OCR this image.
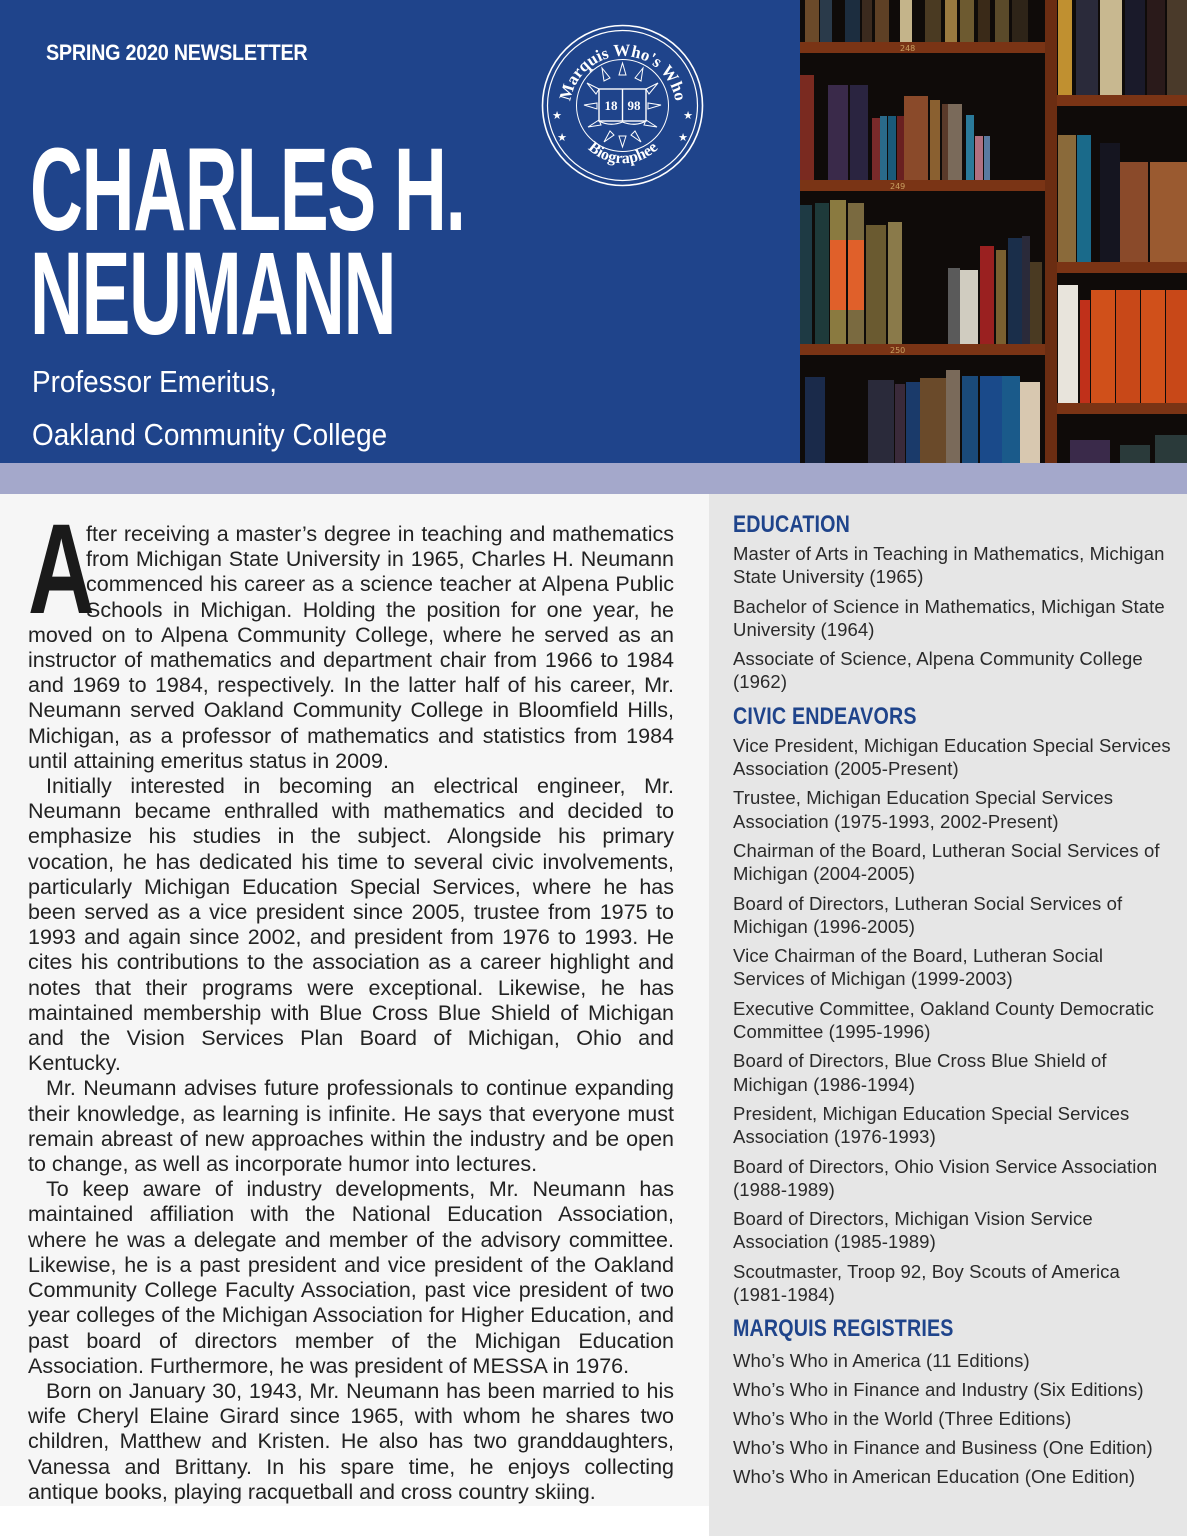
SPRING 2020 NEWSLETTER
CHARLES H.
NEUMANN
Professor Emeritus,
Oakland Community College
Marquis Who's Who
Biographee
18 98
★	★
★	★
248
249
250

A
fter receiving a master’s degree in teaching and mathematics from Michigan State University in 1965, Charles H. Neumann commenced his career as a science teacher at Alpena Public Schools in Michigan. Holding the position for one year, he moved on to Alpena Community College, where he served as an instructor of mathematics and department chair from 1966 to 1984 and 1969 to 1984, respectively. In the latter half of his career, Mr. Neumann served Oakland Community College in Bloomfield Hills, Michigan, as a professor of mathematics and statistics from 1984 until attaining emeritus status in 2009.

Initially interested in becoming an electrical engineer, Mr. Neumann became enthralled with mathematics and decided to emphasize his studies in the subject. Alongside his primary vocation, he has dedicated his time to several civic involvements, particularly Michigan Education Special Services, where he has been served as a vice president since 2005, trustee from 1975 to 1993 and again since 2002, and president from 1976 to 1993. He cites his contributions to the association as a career highlight and notes that their programs were exceptional. Likewise, he has maintained membership with Blue Cross Blue Shield of Michigan and the Vision Services Plan Board of Michigan, Ohio and Kentucky.

Mr. Neumann advises future professionals to continue expanding their knowledge, as learning is infinite. He says that everyone must remain abreast of new approaches within the industry and be open to change, as well as incorporate humor into lectures.

To keep aware of industry developments, Mr. Neumann has maintained affiliation with the National Education Association, where he was a delegate and member of the advisory committee. Likewise, he is a past president and vice president of the Oakland Community College Faculty Association, past vice president of two year colleges of the Michigan Association for Higher Education, and past board of directors member of the Michigan Education Association. Furthermore, he was president of MESSA in 1976.

Born on January 30, 1943, Mr. Neumann has been married to his wife Cheryl Elaine Girard since 1965, with whom he shares two children, Matthew and Kristen. He also has two granddaughters, Vanessa and Brittany. In his spare time, he enjoys collecting antique books, playing racquetball and cross country skiing.

EDUCATION
Master of Arts in Teaching in Mathematics, Michigan State University (1965)
Bachelor of Science in Mathematics, Michigan State University (1964)
Associate of Science, Alpena Community College (1962)
CIVIC ENDEAVORS
Vice President, Michigan Education Special Services Association (2005-Present)
Trustee, Michigan Education Special Services Association (1975-1993, 2002-Present)
Chairman of the Board, Lutheran Social Services of Michigan (2004-2005)
Board of Directors, Lutheran Social Services of Michigan (1996-2005)
Vice Chairman of the Board, Lutheran Social Services of Michigan (1999-2003)
Executive Committee, Oakland County Democratic Committee (1995-1996)
Board of Directors, Blue Cross Blue Shield of Michigan (1986-1994)
President, Michigan Education Special Services Association (1976-1993)
Board of Directors, Ohio Vision Service Association (1988-1989)
Board of Directors, Michigan Vision Service Association (1985-1989)
Scoutmaster, Troop 92, Boy Scouts of America (1981-1984)
MARQUIS REGISTRIES
Who’s Who in America (11 Editions)
Who’s Who in Finance and Industry (Six Editions)
Who’s Who in the World (Three Editions)
Who’s Who in Finance and Business (One Edition)
Who’s Who in American Education (One Edition)
